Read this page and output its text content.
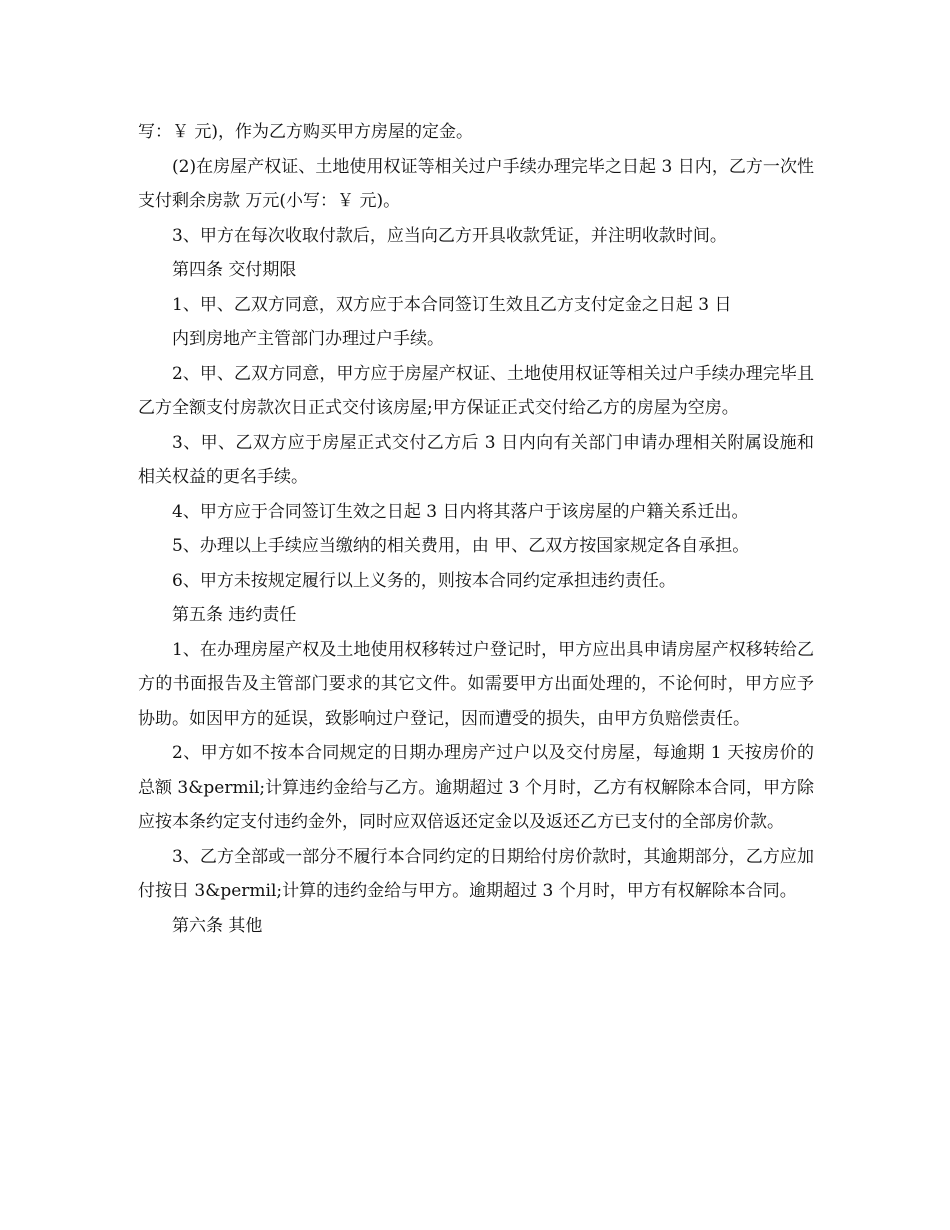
写：￥ 元)，作为乙方购买甲方房屋的定金。

(2)在房屋产权证、土地使用权证等相关过户手续办理完毕之日起 3 日内，乙方一次性支付剩余房款 万元(小写：￥ 元)。

3、甲方在每次收取付款后，应当向乙方开具收款凭证，并注明收款时间。

第四条 交付期限

1、甲、乙双方同意，双方应于本合同签订生效且乙方支付定金之日起 3 日

内到房地产主管部门办理过户手续。

2、甲、乙双方同意，甲方应于房屋产权证、土地使用权证等相关过户手续办理完毕且乙方全额支付房款次日正式交付该房屋;甲方保证正式交付给乙方的房屋为空房。

3、甲、乙双方应于房屋正式交付乙方后 3 日内向有关部门申请办理相关附属设施和相关权益的更名手续。

4、甲方应于合同签订生效之日起 3 日内将其落户于该房屋的户籍关系迁出。

5、办理以上手续应当缴纳的相关费用，由 甲、乙双方按国家规定各自承担。

6、甲方未按规定履行以上义务的，则按本合同约定承担违约责任。

第五条 违约责任

1、在办理房屋产权及土地使用权移转过户登记时，甲方应出具申请房屋产权移转给乙方的书面报告及主管部门要求的其它文件。如需要甲方出面处理的，不论何时，甲方应予协助。如因甲方的延误，致影响过户登记，因而遭受的损失，由甲方负赔偿责任。

2、甲方如不按本合同规定的日期办理房产过户以及交付房屋，每逾期 1 天按房价的总额 3&permil;计算违约金给与乙方。逾期超过 3 个月时，乙方有权解除本合同，甲方除应按本条约定支付违约金外，同时应双倍返还定金以及返还乙方已支付的全部房价款。

3、乙方全部或一部分不履行本合同约定的日期给付房价款时，其逾期部分，乙方应加付按日 3&permil;计算的违约金给与甲方。逾期超过 3 个月时，甲方有权解除本合同。

第六条 其他
